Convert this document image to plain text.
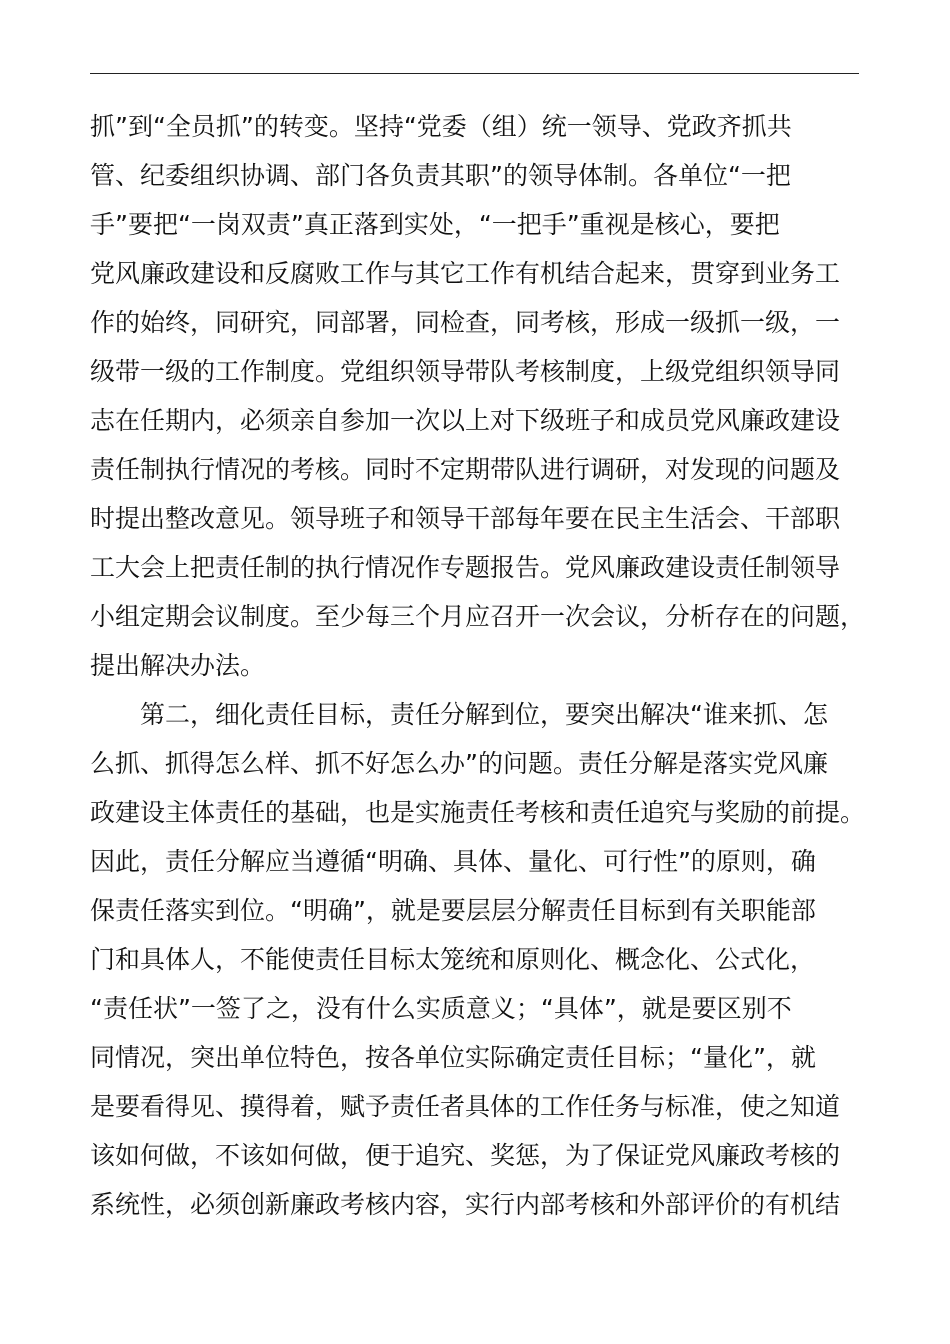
抓”到“全员抓”的转变。坚持“党委（组）统一领导、党政齐抓共
管、纪委组织协调、部门各负责其职”的领导体制。各单位“一把
手”要把“一岗双责”真正落到实处，“一把手”重视是核心，要把
党风廉政建设和反腐败工作与其它工作有机结合起来，贯穿到业务工
作的始终，同研究，同部署，同检查，同考核，形成一级抓一级，一
级带一级的工作制度。党组织领导带队考核制度，上级党组织领导同
志在任期内，必须亲自参加一次以上对下级班子和成员党风廉政建设
责任制执行情况的考核。同时不定期带队进行调研，对发现的问题及
时提出整改意见。领导班子和领导干部每年要在民主生活会、干部职
工大会上把责任制的执行情况作专题报告。党风廉政建设责任制领导
小组定期会议制度。至少每三个月应召开一次会议，分析存在的问题，
提出解决办法。
　　第二，细化责任目标，责任分解到位，要突出解决“谁来抓、怎
么抓、抓得怎么样、抓不好怎么办”的问题。责任分解是落实党风廉
政建设主体责任的基础，也是实施责任考核和责任追究与奖励的前提。
因此，责任分解应当遵循“明确、具体、量化、可行性”的原则，确
保责任落实到位。“明确”，就是要层层分解责任目标到有关职能部
门和具体人，不能使责任目标太笼统和原则化、概念化、公式化，
“责任状”一签了之，没有什么实质意义；“具体”，就是要区别不
同情况，突出单位特色，按各单位实际确定责任目标；“量化”，就
是要看得见、摸得着，赋予责任者具体的工作任务与标准，使之知道
该如何做，不该如何做，便于追究、奖惩，为了保证党风廉政考核的
系统性，必须创新廉政考核内容，实行内部考核和外部评价的有机结
